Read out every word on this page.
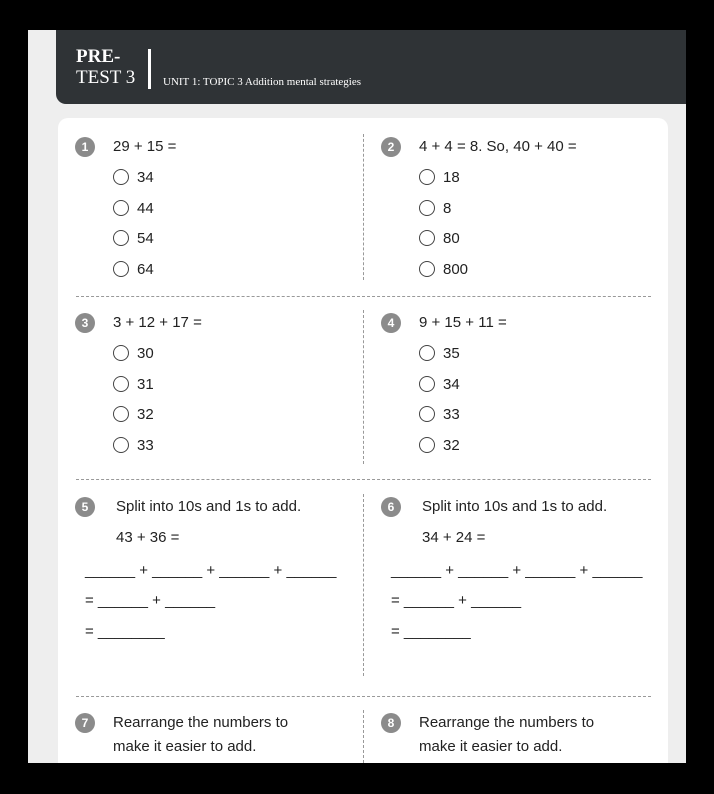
PRE-
TEST 3	UNIT 1: TOPIC 3 Addition mental strategies
1	29 + 15 =
34
44
54
64
2	4 + 4 = 8. So, 40 + 40 =
18
8
80
800
3	3 + 12 + 17 =
30
31
32
33
4	9 + 15 + 11 =
35
34
33
32
5	Split into 10s and 1s to add.
43 + 36 =
______ + ______ + ______ + ______
= ______ + ______
= ________
6	Split into 10s and 1s to add.
34 + 24 =
______ + ______ + ______ + ______
= ______ + ______
= ________
7	Rearrange the numbers to
make it easier to add.
8	Rearrange the numbers to
make it easier to add.
